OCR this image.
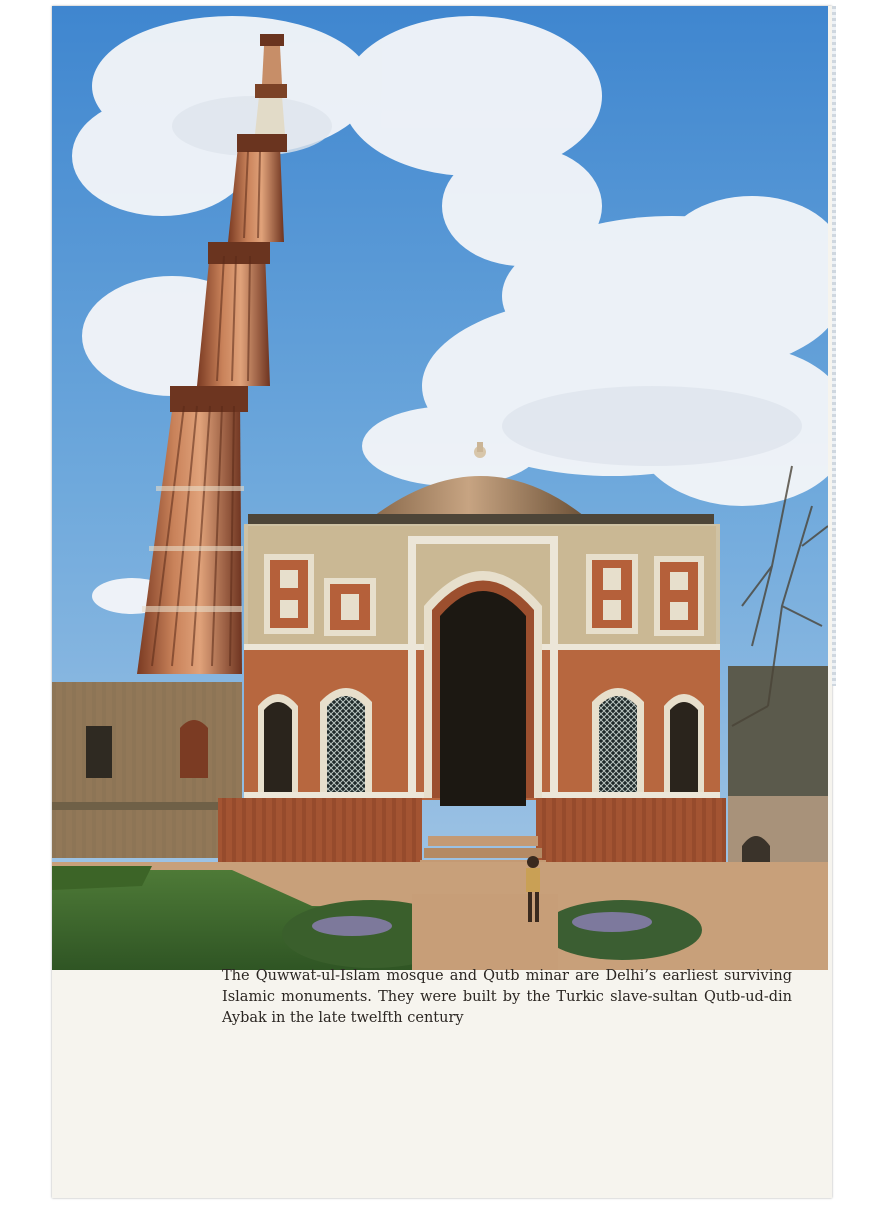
The Quwwat-ul-Islam mosque and Qutb minar are Delhi’s earliest surviving Islamic monuments. They were built by the Turkic slave-sultan Qutb-ud-din Aybak in the late twelfth century
